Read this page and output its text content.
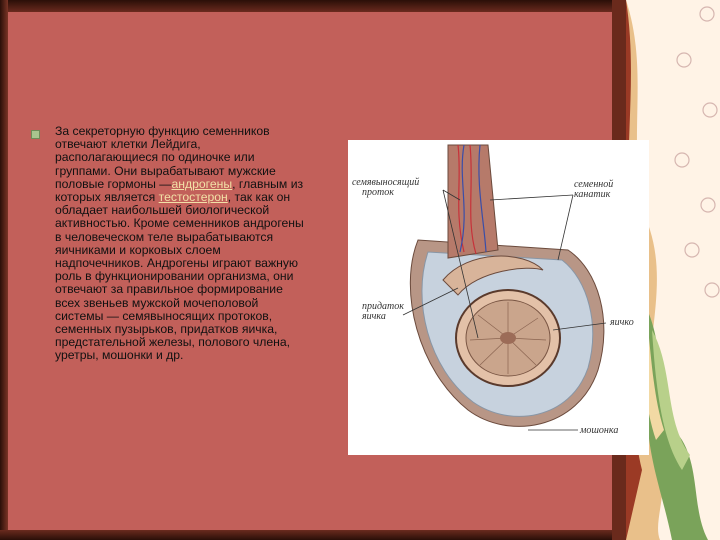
За секреторную функцию семенников отвечают клетки Лейдига, располагающиеся по одиночке или группами. Они вырабатывают мужские половые гормоны —андрогены, главным из которых является тестостерон, так как он обладает наибольшей биологической активностью. Кроме семенников андрогены в человеческом теле вырабатываются яичниками и корковых слоем надпочечников. Андрогены играют важную роль в функционировании организма, они отвечают за правильное формирование всех звеньев мужской мочеполовой системы — семявыносящих протоков, семенных пузырьков, придатков яичка, предстательной железы, полового члена, уретры, мошонки и др.
семявыносящий
проток
семенной
канатик
придаток
яичка
яичко
мошонка
